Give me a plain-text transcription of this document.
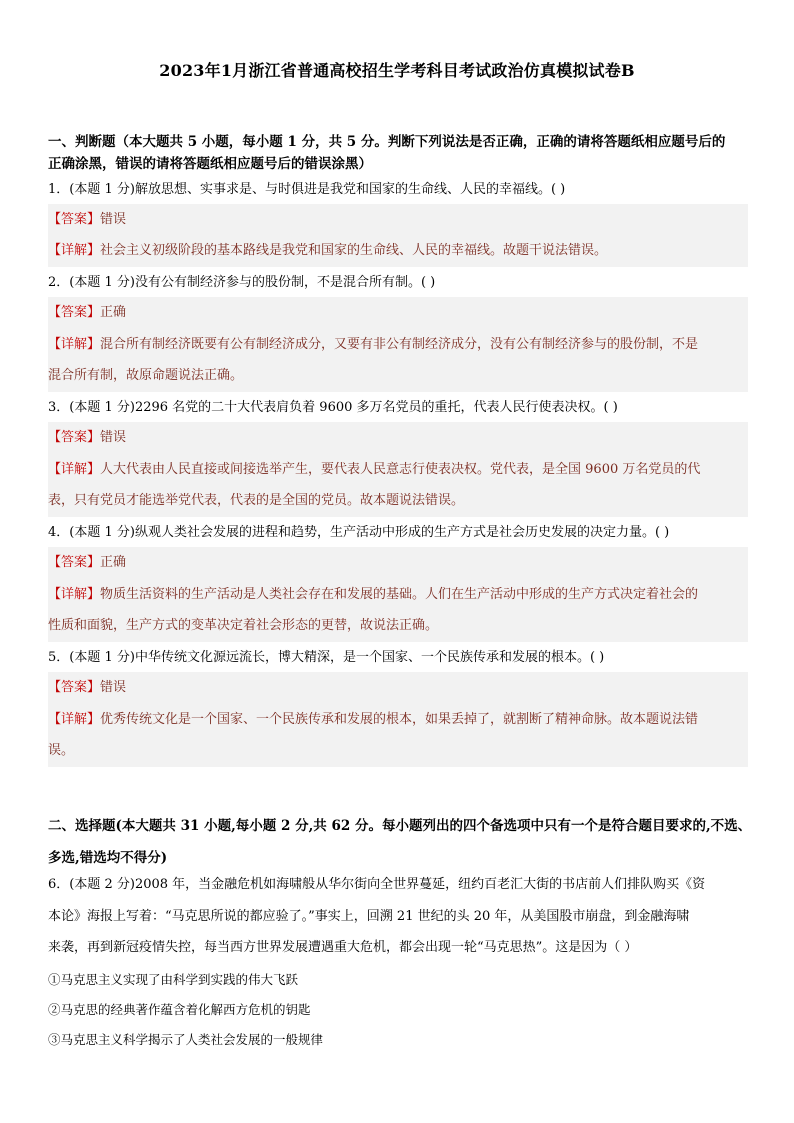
2023年1月浙江省普通高校招生学考科目考试政治仿真模拟试卷B
一、判断题（本大题共 5 小题，每小题 1 分，共 5 分。判断下列说法是否正确，正确的请将答题纸相应题号后的
正确涂黑，错误的请将答题纸相应题号后的错误涂黑）
1．(本题 1 分)解放思想、实事求是、与时俱进是我党和国家的生命线、人民的幸福线。( )
【答案】错误
【详解】社会主义初级阶段的基本路线是我党和国家的生命线、人民的幸福线。故题干说法错误。
2．(本题 1 分)没有公有制经济参与的股份制，不是混合所有制。( )
【答案】正确
【详解】混合所有制经济既要有公有制经济成分，又要有非公有制经济成分，没有公有制经济参与的股份制，不是
混合所有制，故原命题说法正确。
3．(本题 1 分)2296 名党的二十大代表肩负着 9600 多万名党员的重托，代表人民行使表决权。( )
【答案】错误
【详解】人大代表由人民直接或间接选举产生，要代表人民意志行使表决权。党代表，是全国 9600 万名党员的代
表，只有党员才能选举党代表，代表的是全国的党员。故本题说法错误。
4．(本题 1 分)纵观人类社会发展的进程和趋势，生产活动中形成的生产方式是社会历史发展的决定力量。( )
【答案】正确
【详解】物质生活资料的生产活动是人类社会存在和发展的基础。人们在生产活动中形成的生产方式决定着社会的
性质和面貌，生产方式的变革决定着社会形态的更替，故说法正确。
5．(本题 1 分)中华传统文化源远流长，博大精深，是一个国家、一个民族传承和发展的根本。( )
【答案】错误
【详解】优秀传统文化是一个国家、一个民族传承和发展的根本，如果丢掉了，就割断了精神命脉。故本题说法错
误。
二、选择题(本大题共 31 小题,每小题 2 分,共 62 分。每小题列出的四个备选项中只有一个是符合题目要求的,不选、
多选,错选均不得分)
6．(本题 2 分)2008 年，当金融危机如海啸般从华尔街向全世界蔓延，纽约百老汇大街的书店前人们排队购买《资
本论》海报上写着：“马克思所说的都应验了。”事实上，回溯 21 世纪的头 20 年，从美国股市崩盘，到金融海啸
来袭，再到新冠疫情失控，每当西方世界发展遭遇重大危机，都会出现一轮“马克思热”。这是因为（ ）
①马克思主义实现了由科学到实践的伟大飞跃
②马克思的经典著作蕴含着化解西方危机的钥匙
③马克思主义科学揭示了人类社会发展的一般规律
